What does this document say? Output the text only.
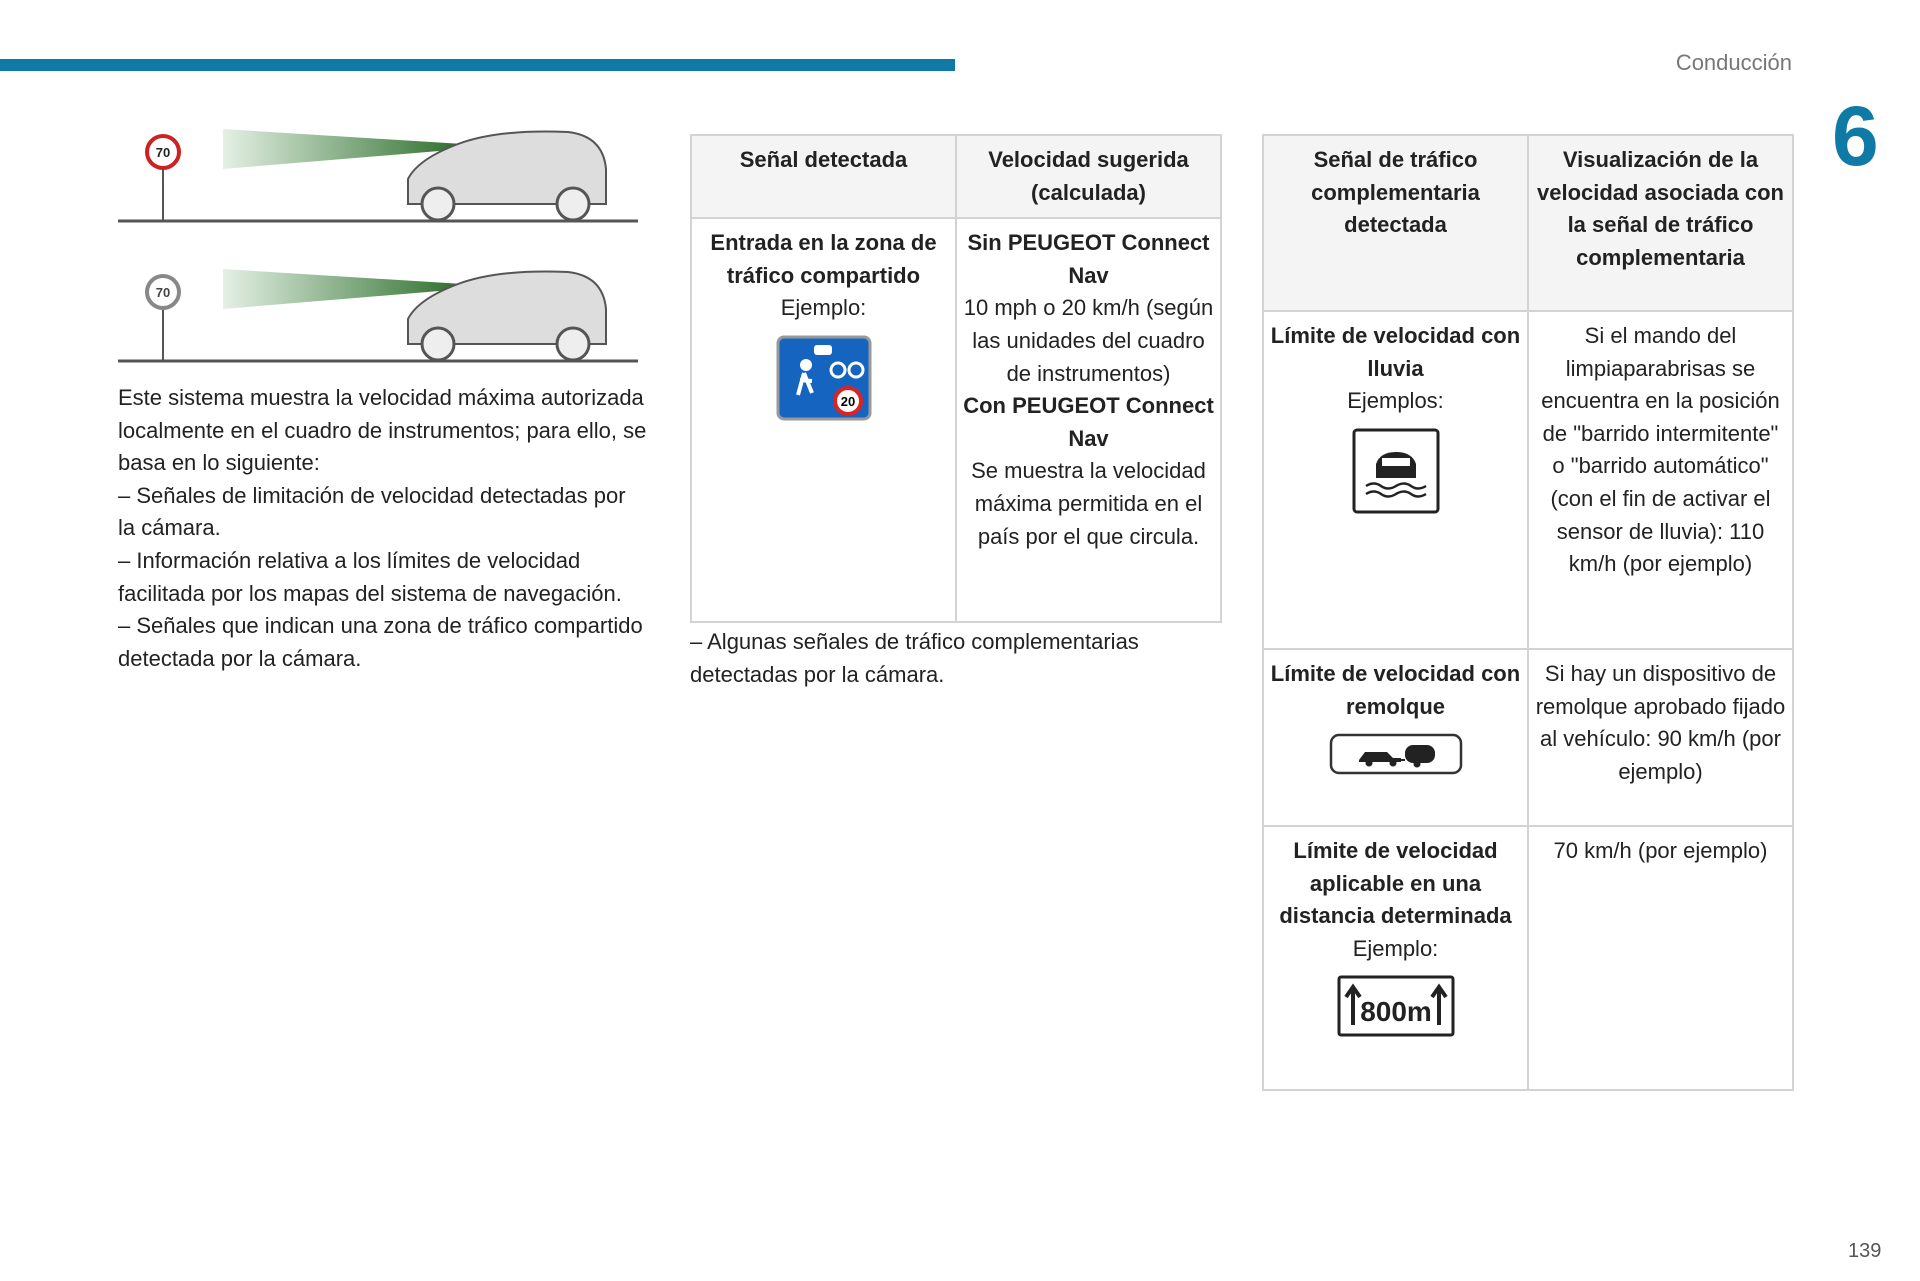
Conducción
6
70
70
Este sistema muestra la velocidad máxima autorizada localmente en el cuadro de instrumentos; para ello, se basa en lo siguiente:
– Señales de limitación de velocidad detectadas por la cámara.
– Información relativa a los límites de velocidad facilitada por los mapas del sistema de navegación.
– Señales que indican una zona de tráfico compartido detectada por la cámara.
Señal detectada	Velocidad sugerida (calculada)

Entrada en la zona de tráfico compartido
Ejemplo:
20	Sin PEUGEOT Connect Nav
10 mph o 20 km/h (según las unidades del cuadro de instrumentos)
Con PEUGEOT Connect Nav
Se muestra la velocidad máxima permitida en el país por el que circula.
– Algunas señales de tráfico complementarias detectadas por la cámara.
Señal de tráfico complementaria detectada	Visualización de la velocidad asociada con la señal de tráfico complementaria

Límite de velocidad con lluvia
Ejemplos:	Si el mando del limpiaparabrisas se encuentra en la posición de "barrido intermitente" o "barrido automático" (con el fin de activar el sensor de lluvia): 110 km/h (por ejemplo)

Límite de velocidad con remolque	Si hay un dispositivo de remolque aprobado fijado al vehículo: 90 km/h (por ejemplo)

Límite de velocidad aplicable en una distancia determinada
Ejemplo:
800m	70 km/h (por ejemplo)
139
